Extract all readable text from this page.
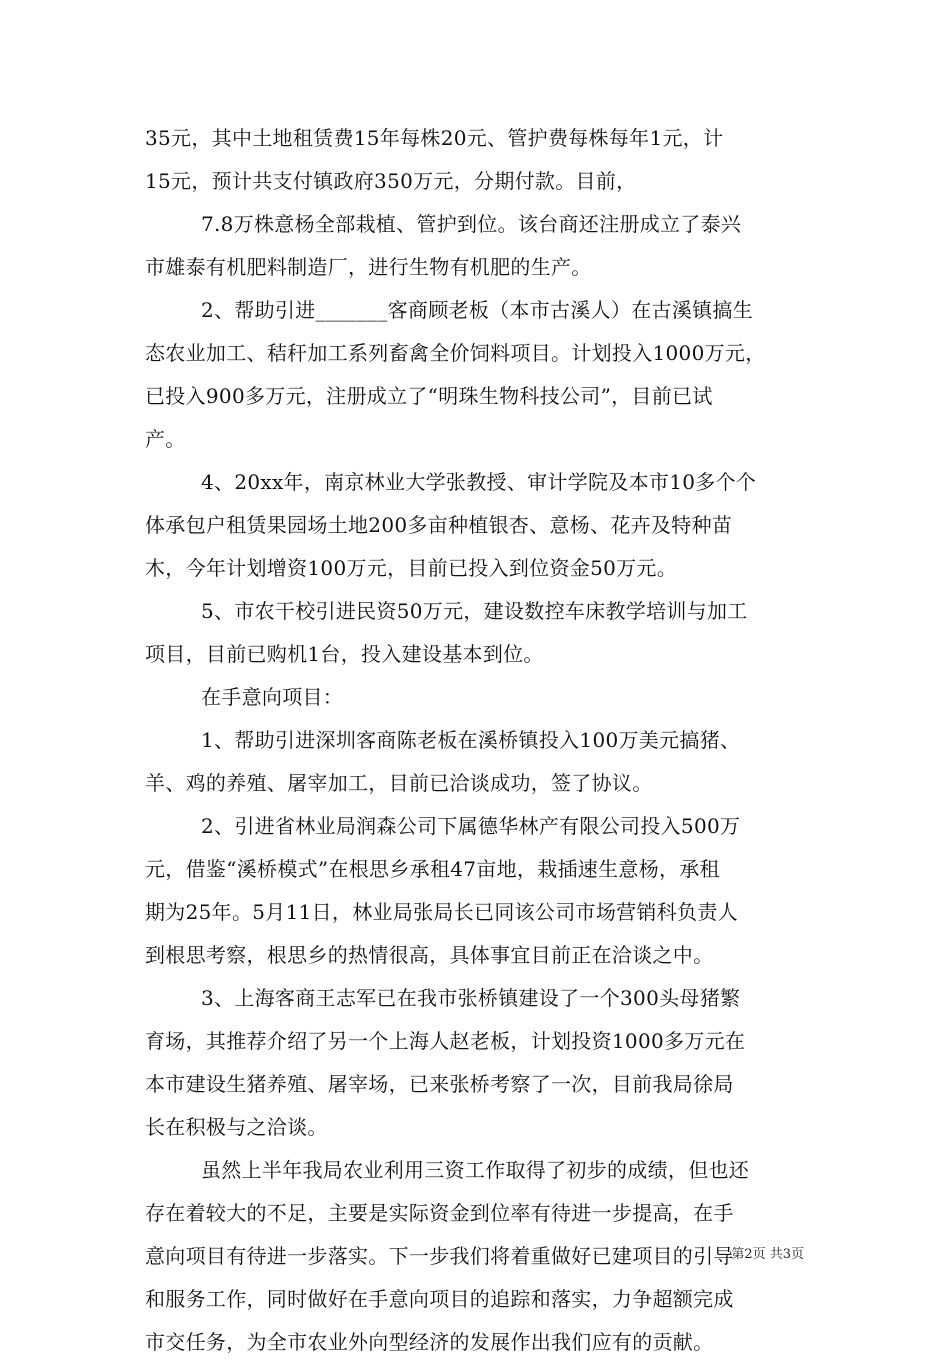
35元，其中土地租赁费15年每株20元、管护费每株每年1元，计
15元，预计共支付镇政府350万元，分期付款。目前，
7.8万株意杨全部栽植、管护到位。该台商还注册成立了泰兴
市雄泰有机肥料制造厂，进行生物有机肥的生产。
2、帮助引进_______客商顾老板（本市古溪人）在古溪镇搞生
态农业加工、秸秆加工系列畜禽全价饲料项目。计划投入1000万元，
已投入900多万元，注册成立了“明珠生物科技公司”，目前已试
产。
4、20xx年，南京林业大学张教授、审计学院及本市10多个个
体承包户租赁果园场土地200多亩种植银杏、意杨、花卉及特种苗
木，今年计划增资100万元，目前已投入到位资金50万元。
5、市农干校引进民资50万元，建设数控车床教学培训与加工
项目，目前已购机1台，投入建设基本到位。
在手意向项目：
1、帮助引进深圳客商陈老板在溪桥镇投入100万美元搞猪、
羊、鸡的养殖、屠宰加工，目前已洽谈成功，签了协议。
2、引进省林业局润森公司下属德华林产有限公司投入500万
元，借鉴“溪桥模式”在根思乡承租47亩地，栽插速生意杨，承租
期为25年。5月11日，林业局张局长已同该公司市场营销科负责人
到根思考察，根思乡的热情很高，具体事宜目前正在洽谈之中。
3、上海客商王志军已在我市张桥镇建设了一个300头母猪繁
育场，其推荐介绍了另一个上海人赵老板，计划投资1000多万元在
本市建设生猪养殖、屠宰场，已来张桥考察了一次，目前我局徐局
长在积极与之洽谈。
虽然上半年我局农业利用三资工作取得了初步的成绩，但也还
存在着较大的不足，主要是实际资金到位率有待进一步提高，在手
意向项目有待进一步落实。下一步我们将着重做好已建项目的引导
和服务工作，同时做好在手意向项目的追踪和落实，力争超额完成
市交任务，为全市农业外向型经济的发展作出我们应有的贡献。
第2页 共3页
